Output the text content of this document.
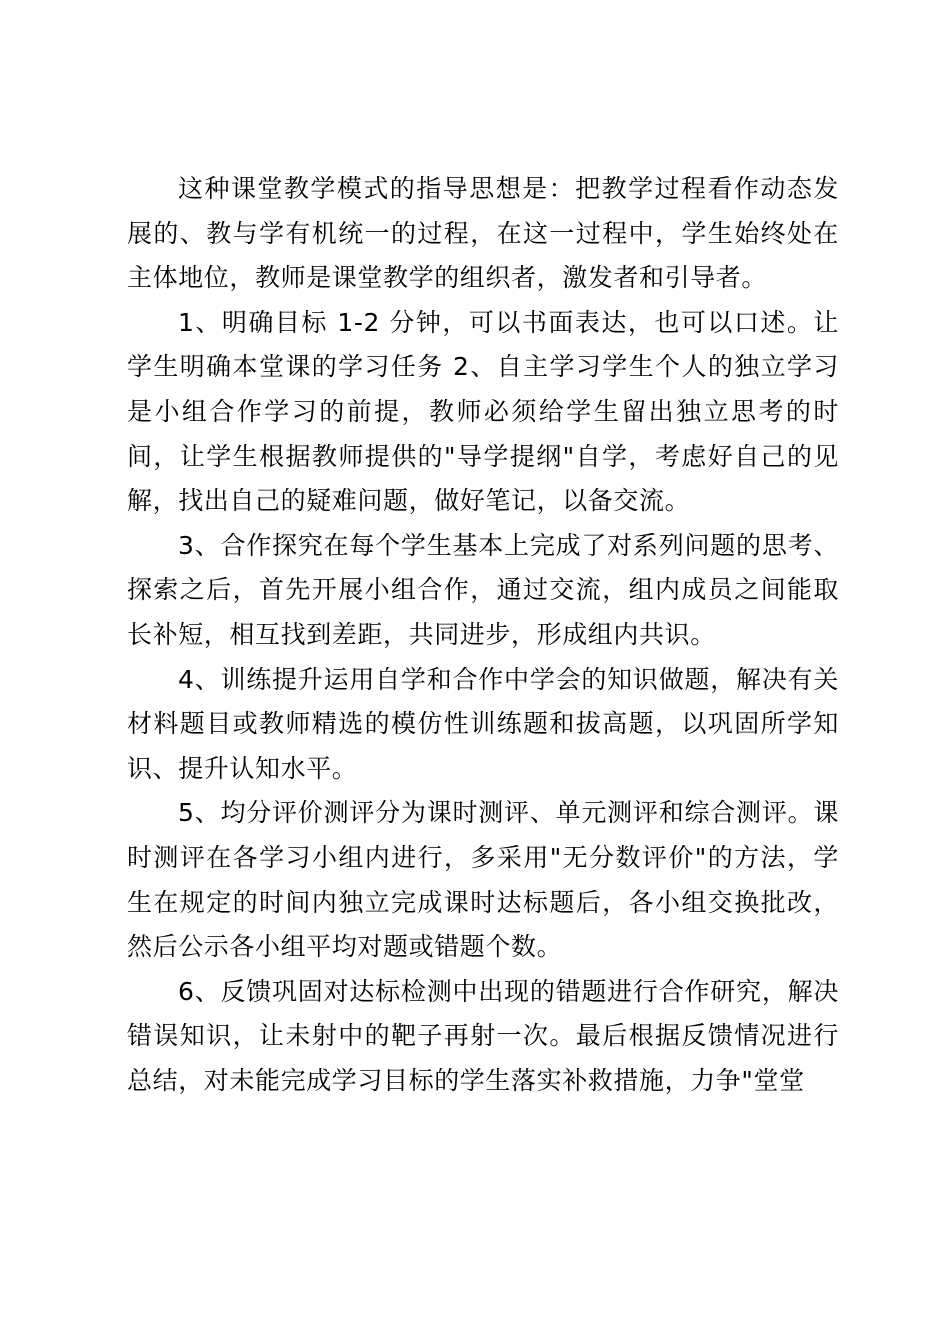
这种课堂教学模式的指导思想是：把教学过程看作动态发展的、教与学有机统一的过程，在这一过程中，学生始终处在主体地位，教师是课堂教学的组织者，激发者和引导者。

1、明确目标 1-2 分钟，可以书面表达，也可以口述。让学生明确本堂课的学习任务 2、自主学习学生个人的独立学习是小组合作学习的前提，教师必须给学生留出独立思考的时间，让学生根据教师提供的"导学提纲"自学，考虑好自己的见解，找出自己的疑难问题，做好笔记，以备交流。

3、合作探究在每个学生基本上完成了对系列问题的思考、探索之后，首先开展小组合作，通过交流，组内成员之间能取长补短，相互找到差距，共同进步，形成组内共识。

4、训练提升运用自学和合作中学会的知识做题，解决有关材料题目或教师精选的模仿性训练题和拔高题，以巩固所学知识、提升认知水平。

5、均分评价测评分为课时测评、单元测评和综合测评。课时测评在各学习小组内进行，多采用"无分数评价"的方法，学生在规定的时间内独立完成课时达标题后，各小组交换批改，然后公示各小组平均对题或错题个数。

6、反馈巩固对达标检测中出现的错题进行合作研究，解决错误知识，让未射中的靶子再射一次。最后根据反馈情况进行总结，对未能完成学习目标的学生落实补救措施，力争"堂堂
